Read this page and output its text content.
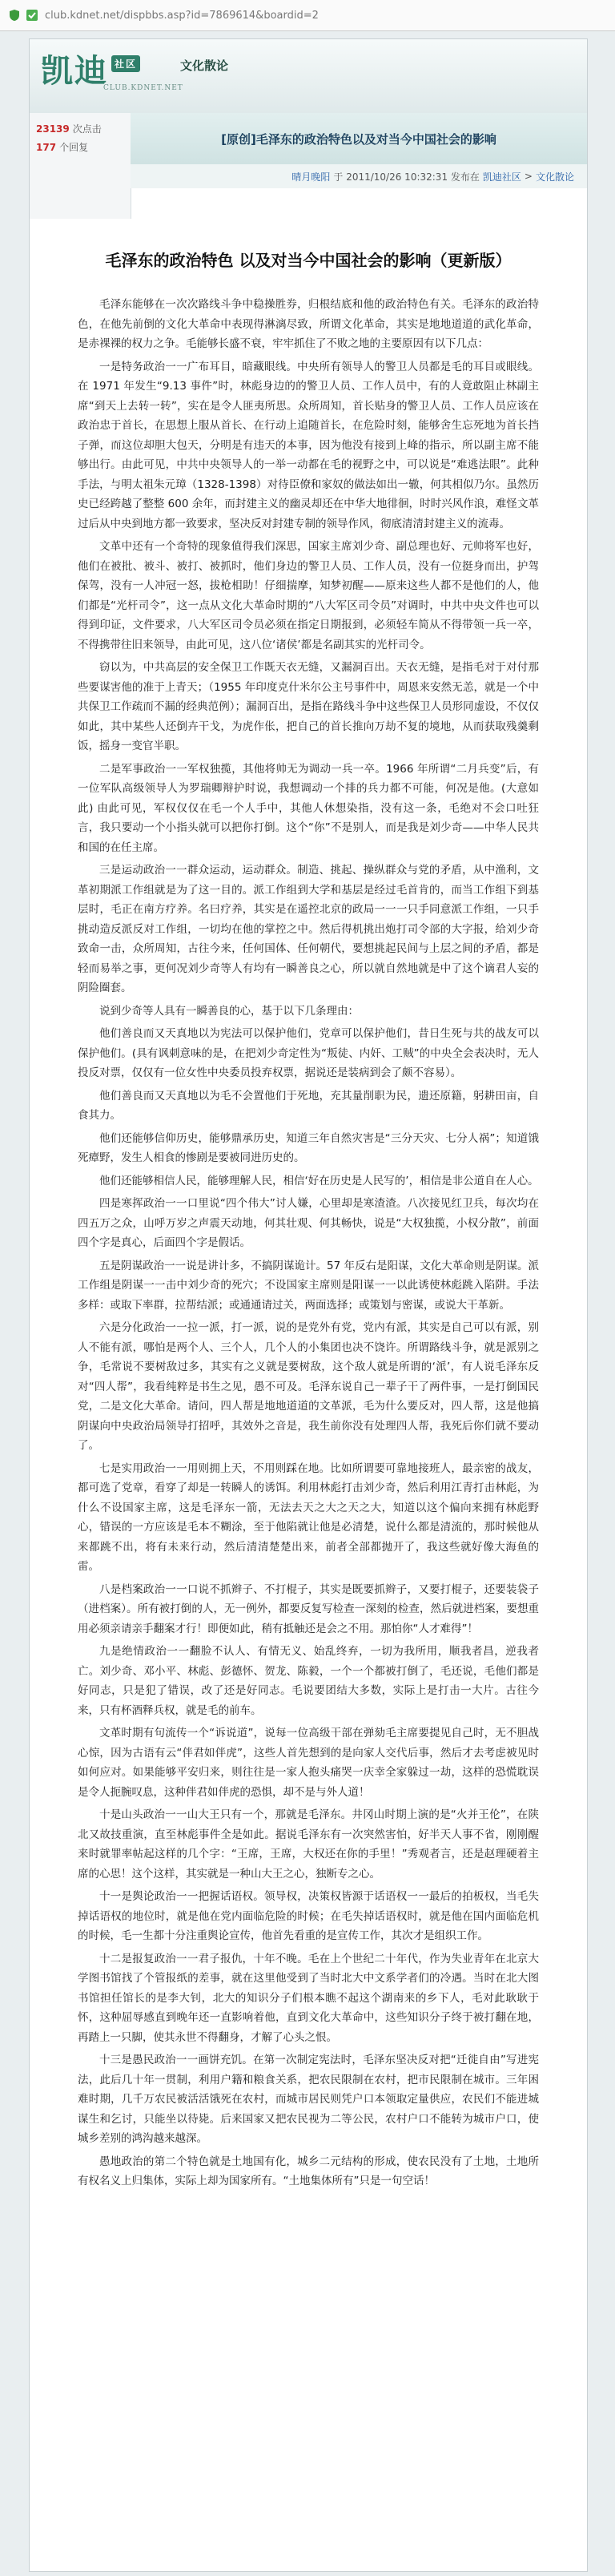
club.kdnet.net/dispbbs.asp?id=7869614&boardid=2
凯迪 社区
CLUB.KDNET.NET
文化散论
23139 次点击
177 个回复
[原创]毛泽东的政治特色以及对当今中国社会的影响
晴月晚阳 于 2011/10/26 10:32:31 发布在 凯迪社区 > 文化散论
毛泽东的政治特色 以及对当今中国社会的影响（更新版）

毛泽东能够在一次次路线斗争中稳操胜券，归根结底和他的政治特色有关。毛泽东的政治特色，在他先前倒的文化大革命中表现得淋漓尽致，所谓文化革命，其实是地地道道的武化革命，是赤裸裸的权力之争。毛能够长盛不衰，牢牢抓住了不败之地的主要原因有以下几点：

一是特务政治一一广布耳目，暗藏眼线。中央所有领导人的警卫人员都是毛的耳目或眼线。在 1971 年发生“9.13 事件”时，林彪身边的的警卫人员、工作人员中，有的人竟敢阻止林副主席“到天上去转一转”，实在是令人匪夷所思。众所周知，首长贴身的警卫人员、工作人员应该在政治忠于首长，在思想上服从首长、在行动上追随首长，在危险时刻，能够舍生忘死地为首长挡子弹，而这位却胆大包天，分明是有违天的本事，因为他没有接到上峰的指示，所以副主席不能够出行。由此可见，中共中央领导人的一举一动都在毛的视野之中，可以说是“难逃法眼”。此种手法，与明太祖朱元璋（1328-1398）对待臣僚和家奴的做法如出一辙，何其相似乃尔。虽然历史已经跨越了整整 600 余年，而封建主义的幽灵却还在中华大地徘徊，时时兴风作浪，难怪文革过后从中央到地方都一致要求，坚决反对封建专制的领导作风，彻底清清封建主义的流毒。

文革中还有一个奇特的现象值得我们深思，国家主席刘少奇、副总理也好、元帅将军也好，他们在被批、被斗、被打、被抓时，他们身边的警卫人员、工作人员，没有一位挺身而出，护驾保驾，没有一人冲冠一怒，拔枪相助！仔细揣摩，知梦初醒——原来这些人都不是他们的人，他们都是“光杆司令”，这一点从文化大革命时期的“八大军区司令员”对调时，中共中央文件也可以得到印证，文件要求，八大军区司令员必须在指定日期报到，必须轻车简从不得带领一兵一卒，不得携带往旧来领导，由此可见，这八位‘诸侯’都是名副其实的光杆司令。

窃以为，中共高层的安全保卫工作既天衣无缝，又漏洞百出。天衣无缝，是指毛对于对付那些要谋害他的准于上青天；（1955 年印度克什米尔公主号事件中，周恩来安然无恙，就是一个中共保卫工作疏而不漏的经典范例）；漏洞百出，是指在路线斗争中这些保卫人员形同虚设，不仅仅如此，其中某些人还倒卉干戈，为虎作伥，把自己的首长推向万劫不复的境地，从而获取残羹剩饭，摇身一变官半职。

二是军事政治一一军权独揽，其他将帅无为调动一兵一卒。1966 年所谓“二月兵变”后，有一位军队高级领导人为罗瑞卿辩护时说，我想调动一个排的兵力都不可能，何况是他。(大意如此) 由此可见，军权仅仅在毛一个人手中，其他人休想染指，没有这一条，毛绝对不会口吐狂言，我只要动一个小指头就可以把你打倒。这个“你”不是别人，而是我是刘少奇——中华人民共和国的在任主席。

三是运动政治一一群众运动，运动群众。制造、挑起、操纵群众与党的矛盾，从中渔利，文革初期派工作组就是为了这一目的。派工作组到大学和基层是经过毛首肯的，而当工作组下到基层时，毛正在南方疗养。名曰疗养，其实是在遥控北京的政局一一一只手同意派工作组，一只手挑动造反派反对工作组，一切均在他的掌控之中。然后得机挑出炮打司令部的大字报，给刘少奇致命一击，众所周知，古往今来，任何国体、任何朝代，要想挑起民间与上层之间的矛盾，都是轻而易举之事，更何况刘少奇等人有均有一瞬善良之心，所以就自然地就是中了这个谪君人妄的阴险圈套。

说到少奇等人具有一瞬善良的心，基于以下几条理由：

他们善良而又天真地以为宪法可以保护他们，党章可以保护他们，昔日生死与共的战友可以保护他们。(具有讽刺意味的是，在把刘少奇定性为“叛徒、内奸、工贼”的中央全会表决时，无人投反对票，仅仅有一位女性中央委员投弃权票，据说还是装病到会了颇不容易）。

他们善良而又天真地以为毛不会置他们于死地，充其量削职为民，遗还原籍，躬耕田亩，自食其力。

他们还能够信仰历史，能够鼎承历史，知道三年自然灾害是“三分天灾、七分人祸”；知道饿死瘴野，发生人相食的惨剧是要被同进历史的。

他们还能够相信人民，能够理解人民，相信‘好在历史是人民写的’，相信是非公道自在人心。

四是寒挥政治一一口里说“四个伟大”讨人嫌，心里却是寒渣渣。八次接见红卫兵，每次均在四五万之众，山呼万岁之声震天动地，何其壮观、何其畅快，说是“大权独揽，小权分散”，前面四个字是真心，后面四个字是假话。

五是阴谋政治一一说是讲计多，不搞阴谋诡计。57 年反右是阳谋，文化大革命则是阴谋。派工作组是阴谋一一击中刘少奇的死穴；不设国家主席则是阳谋一一以此诱使林彪跳入陷阱。手法多样：或取下率群，拉帮结派；或通通请过关，两面选择；或策划与密谋，或说大干革新。

六是分化政治一一拉一派，打一派，说的是党外有党，党内有派，其实是自己可以有派，别人不能有派，哪怕是两个人、三个人，几个人的小集团也决不饶许。所谓路线斗争，就是派别之争，毛常说不要树敌过多，其实有之义就是要树敌，这个敌人就是所谓的‘派’，有人说毛泽东反对“四人帮”，我看纯粹是书生之见，愚不可及。毛泽东说自己一辈子干了两件事，一是打倒国民党，二是文化大革命。请问，四人帮是地地道道的文革派，毛为什么要反对，四人帮，这是他搞阴谋向中央政治局领导打招呼，其效外之音是，我生前你没有处理四人帮，我死后你们就不要动了。

七是实用政治一一用则拥上天，不用则踩在地。比如所谓要可靠地接班人，最亲密的战友，都可选了党章，看穿了却是一转瞬人的诱饵。利用林彪打击刘少奇，然后利用江青打击林彪，为什么不设国家主席，这是毛泽东一箭，无法去天之大之天之大，知道以这个偏向来拥有林彪野心，错误的一方应该是毛本不糊涂，至于他陷就让他是必清楚，说什么都是清流的，那时候他从来都跳不出，将有未来行动，然后清清楚楚出来，前者全部都抛开了，我这些就好像大海鱼的雷。

八是档案政治一一口说不抓辫子、不打棍子，其实是既要抓辫子，又要打棍子，还要装袋子（进档案）。所有被打倒的人，无一例外，都要反复写检查一深刻的检查，然后就进档案，要想重用必须亲请亲手翻案才行！即便如此，稍有抵触还是会之不用。那怕你“人才难得”！

九是绝情政治一一翻脸不认人、有情无义、始乱终弃，一切为我所用，顺我者昌，逆我者亡。刘少奇、邓小平、林彪、彭德怀、贺龙、陈毅，一个一个都被打倒了，毛还说，毛他们都是好同志，只是犯了错误，改了还是好同志。毛说要团结大多数，实际上是打击一大片。古往今来，只有杯酒释兵权，就是毛的前车。

文革时期有句流传一个“诉说道”，说每一位高级干部在弹劾毛主席要提见自己时，无不胆战心惊，因为古语有云“伴君如伴虎”，这些人首先想到的是向家人交代后事，然后才去考虑被见时如何应对。如果能够平安归来，则往往是一家人抱头痛哭一庆幸全家躲过一劫，这样的恐慌耽误是令人扼腕叹息，这种伴君如伴虎的恐惧，却不是与外人道！

十是山头政治一一山大王只有一个，那就是毛泽东。井冈山时期上演的是“火并王伦”，在陕北又故技重演，直至林彪事件全是如此。据说毛泽东有一次突然害怕，好半天人事不省，刚刚醒来时就罪率帖起这样的几个字：“王席，王席，大权还在你的手里！”秀观者言，还是赵理硬着主席的心思！这个这样，其实就是一种山大王之心，独断专之心。

十一是舆论政治一一把握话语权。领导权，决策权皆源于话语权一一最后的拍板权，当毛失掉话语权的地位时，就是他在党内面临危险的时候；在毛失掉话语权时，就是他在国内面临危机的时候，毛一生都十分注重舆论宣传，他首先看重的是宣传工作，其次才是组织工作。

十二是报复政治一一君子报仇，十年不晚。毛在上个世纪二十年代，作为失业青年在北京大学图书馆找了个管报纸的差事，就在这里他受到了当时北大中文系学者们的冷遇。当时在北大图书馆担任馆长的是李大钊，北大的知识分子们根本瞧不起这个湖南来的乡下人，毛对此耿耿于怀，这种屈辱感直到晚年还一直影响着他，直到文化大革命中，这些知识分子终于被打翻在地，再踏上一只脚，使其永世不得翻身，才解了心头之恨。

十三是愚民政治一一画饼充饥。在第一次制定宪法时，毛泽东坚决反对把“迁徙自由”写进宪法，此后几十年一贯制，利用户籍和粮食关系，把农民限制在农村，把市民限制在城市。三年困难时期，几千万农民被活活饿死在农村，而城市居民则凭户口本领取定量供应，农民们不能进城谋生和乞讨，只能坐以待毙。后来国家又把农民视为二等公民，农村户口不能转为城市户口，使城乡差别的鸿沟越来越深。

愚地政治的第二个特色就是土地国有化，城乡二元结构的形成，使农民没有了土地，土地所有权名义上归集体，实际上却为国家所有。“土地集体所有”只是一句空话！
